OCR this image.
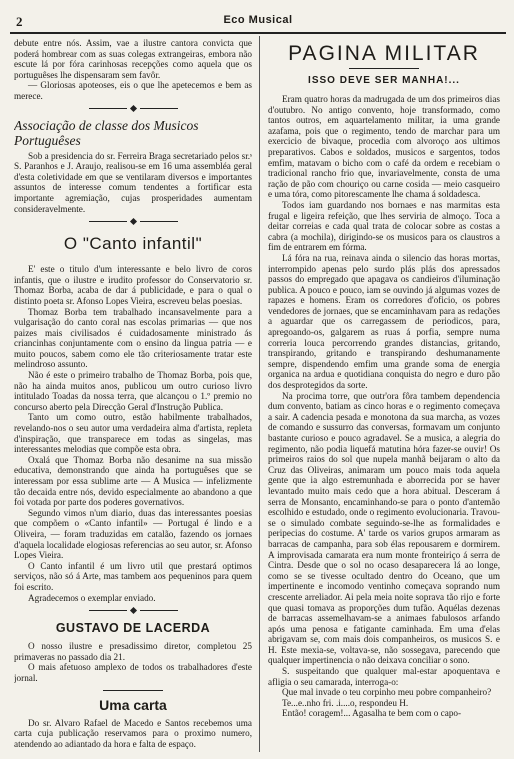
2	Eco Musical

debute entre nós. Assim, vae a ilustre cantora convicta que poderá hombrear com as suas colegas extrangeiras, embora não escute lá por fóra carinhosas recepções como aquela que os portuguêses lhe dispensaram sem favôr.

— Gloriosas apoteoses, eis o que lhe apetecemos e bem as merece.

Associação de classe dos Musicos Portuguêses

Sob a presidencia do sr. Ferreira Braga secretariado pelos sr.ˢ S. Paranhos e J. Araujo, realisou-se em 16 uma assembléa geral d'esta coletividade em que se ventilaram diversos e importantes assuntos de interesse comum tendentes a fortificar esta importante agremiação, cujas prosperidades aumentam consideravelmente.

O "Canto infantil"

E' este o titulo d'um interessante e belo livro de coros infantis, que o ilustre e irudito professor do Conservatorio sr. Thomaz Borba, acaba de dar á publicidade, e para o qual o distinto poeta sr. Afonso Lopes Vieira, escreveu belas poesias.

Thomaz Borba tem trabalhado incansavelmente para a vulgarisação do canto coral nas escolas primarias — que nos paizes mais civilisados é cuidadosamente ministrado ás criancinhas conjuntamente com o ensino da lingua patria — e muito poucos, sabem como ele tão criteriosamente tratar este melindroso assunto.

Não é este o primeiro trabalho de Thomaz Borba, pois que, não ha ainda muitos anos, publicou um outro curioso livro intitulado Toadas da nossa terra, que alcançou o 1.º premio no concurso aberto pela Direcção Geral d'Instrução Publica.

Tanto um como outro, estão habilmente trabalhados, revelando-nos o seu autor uma verdadeira alma d'artista, repleta d'inspiração, que transparece em todas as singelas, mas interessantes melodias que compõe esta obra.

Oxalá que Thomaz Borba não desanime na sua missão educativa, demonstrando que ainda ha portuguêses que se interessam por essa sublime arte — A Musica — infelizmente tão decaida entre nós, devido especialmente ao abandono a que foi votada por parte dos poderes governativos.

Segundo vimos n'um diario, duas das interessantes poesias que compõem o «Canto infantil» — Portugal é lindo e a Oliveira, — foram traduzidas em catalão, fazendo os jornaes d'aquela localidade elogiosas referencias ao seu autor, sr. Afonso Lopes Vieira.

O Canto infantil é um livro util que prestará optimos serviços, não só á Arte, mas tambem aos pequeninos para quem foi escrito.

Agradecemos o exemplar enviado.

GUSTAVO DE LACERDA

O nosso ilustre e presadissimo diretor, completou 25 primaveras no passado dia 21.

O mais afetuoso amplexo de todos os trabalhadores d'este jornal.

Uma carta

Do sr. Alvaro Rafael de Macedo e Santos recebemos uma carta cuja publicação reservamos para o proximo numero, atendendo ao adiantado da hora e falta de espaço.

PAGINA MILITAR
ISSO DEVE SER MANHA!...

Eram quatro horas da madrugada de um dos primeiros dias d'outubro. No antigo convento, hoje transformado, como tantos outros, em aquartelamento militar, ia uma grande azafama, pois que o regimento, tendo de marchar para um exercicio de bivaque, procedia com alvoroço aos ultimos preparativos. Cabos e soldados, musicos e sargentos, todos emfim, matavam o bicho com o café da ordem e recebiam o tradicional rancho frio que, invariavelmente, consta de uma ração de pão com chouriço ou carne cosida — meio casqueiro e uma tóra, como pitorescamente lhe chama á soldadesca.

Todos iam guardando nos bornaes e nas marmitas esta frugal e ligeira refeição, que lhes serviria de almoço. Toca a deitar correias e cada qual trata de colocar sobre as costas a cabra (a mochila), dirigindo-se os musicos para os claustros a fim de entrarem em fórma.

Lá fóra na rua, reinava ainda o silencio das horas mortas, interrompido apenas pelo surdo plás plás dos apressados passos do empregado que apagava os candieiros d'iluminação publica. A pouco e pouco, iam se ouvindo já algumas vozes de rapazes e homens. Eram os corredores d'oficio, os pobres vendedores de jornaes, que se encaminhavam para as redações a aguardar que os carregassem de periodicos, para, apregoando-os, galgarem as ruas á porfia, sempre numa correria louca percorrendo grandes distancias, gritando, transpirando, gritando e transpirando deshumanamente sempre, dispendendo emfim uma grande soma de energia organica na ardua e quotidiana conquista do negro e duro pão dos desprotegidos da sorte.

Na procima torre, que outr'ora fôra tambem dependencia dum convento, batiam as cinco horas e o regimento começava a sair. A cadencia pesada e monotona da sua marcha, as vozes de comando e sussurro das conversas, formavam um conjunto bastante curioso e pouco agradavel. Se a musica, a alegria do regimento, não podia liquefá matutina hóra fazer-se ouvir! Os primeiros raios do sol que nupela manhã beijaram o alto da Cruz das Oliveiras, animaram um pouco mais toda aquela gente que ia algo estremunhada e aborrecida por se haver levantado muito mais cedo que a hora abitual. Desceram á serra de Monsanto, encaminhando-se para o ponto d'antemão escolhido e estudado, onde o regimento evolucionaria. Travou-se o simulado combate seguindo-se-lhe as formalidades e peripecias do costume. A' tarde os varios grupos armaram as barracas de campanha, para sob élas repousarem e dormirem. A improvisada camarata era num monte fronteiriço á serra de Cintra. Desde que o sol no ocaso desaparecera lá ao longe, como se se tivesse ocultado dentro do Oceano, que um impertinente e incomodo ventinho começava soprando num crescente arreliador. Ai pela meia noite soprava tão rijo e forte que quasi tomava as proporções dum tufão. Aquélas dezenas de barracas assemelhavam-se a animaes fabulosos arfando após uma penosa e fatigante caminhada. Em uma d'elas abrigavam se, com mais dois companheiros, os musicos S. e H. Este mexia-se, voltava-se, não sossegava, parecendo que qualquer impertinencia o não deixava conciliar o sono.

S. suspeitando que qualquer mal-estar apoquentava e afligia o seu camarada, interroga-o:

Que mal invade o teu corpinho meu pobre companheiro?

Te...e..nho fri. .i....o, respondeu H.

Então! coragem!... Agasalha te bem com o capo-
